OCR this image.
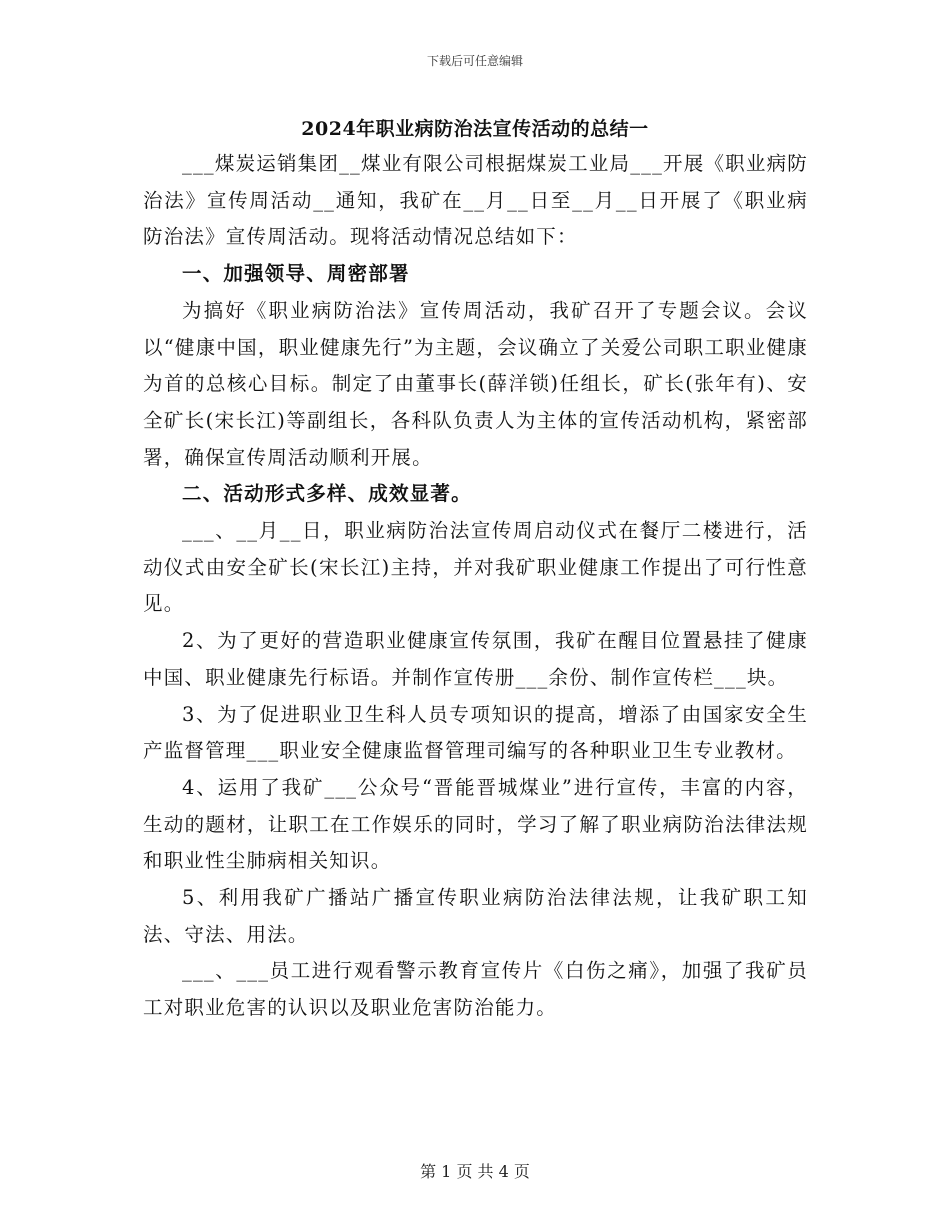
下载后可任意编辑
2024年职业病防治法宣传活动的总结一

___煤炭运销集团__煤业有限公司根据煤炭工业局___开展《职业病防治法》宣传周活动__通知，我矿在__月__日至__月__日开展了《职业病防治法》宣传周活动。现将活动情况总结如下：

一、加强领导、周密部署

为搞好《职业病防治法》宣传周活动，我矿召开了专题会议。会议以“健康中国，职业健康先行”为主题，会议确立了关爱公司职工职业健康为首的总核心目标。制定了由董事长(薛洋锁)任组长，矿长(张年有)、安全矿长(宋长江)等副组长，各科队负责人为主体的宣传活动机构，紧密部署，确保宣传周活动顺利开展。

二、活动形式多样、成效显著。

___、__月__日，职业病防治法宣传周启动仪式在餐厅二楼进行，活动仪式由安全矿长(宋长江)主持，并对我矿职业健康工作提出了可行性意见。

2、为了更好的营造职业健康宣传氛围，我矿在醒目位置悬挂了健康中国、职业健康先行标语。并制作宣传册___余份、制作宣传栏___块。

3、为了促进职业卫生科人员专项知识的提高，增添了由国家安全生产监督管理___职业安全健康监督管理司编写的各种职业卫生专业教材。

4、运用了我矿___公众号“晋能晋城煤业”进行宣传，丰富的内容，生动的题材，让职工在工作娱乐的同时，学习了解了职业病防治法律法规和职业性尘肺病相关知识。

5、利用我矿广播站广播宣传职业病防治法律法规，让我矿职工知法、守法、用法。

___、___员工进行观看警示教育宣传片《白伤之痛》，加强了我矿员工对职业危害的认识以及职业危害防治能力。

第 1 页 共 4 页
